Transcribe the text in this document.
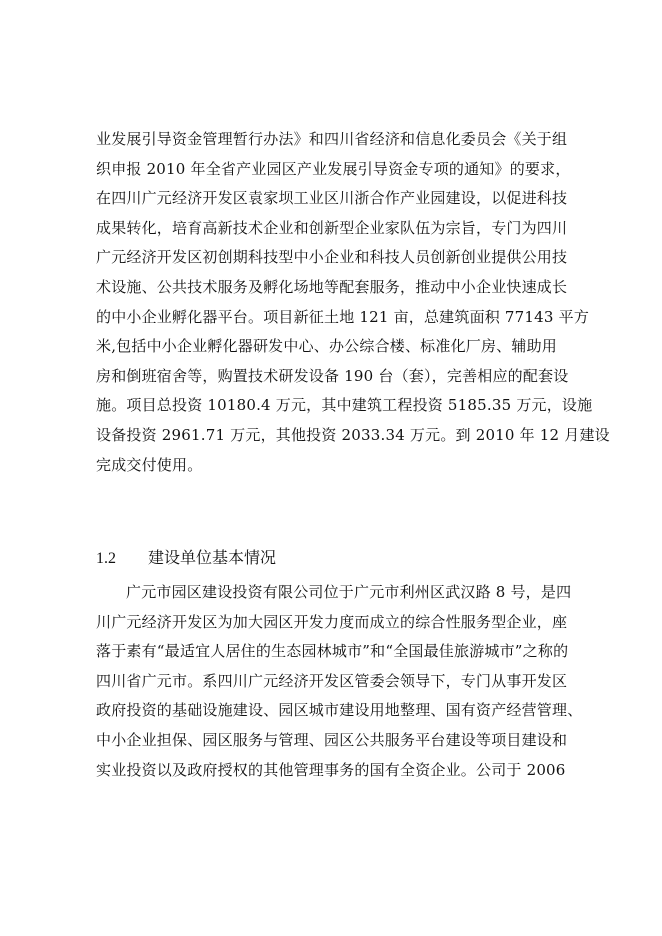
业发展引导资金管理暂行办法》和四川省经济和信息化委员会《关于组
织申报 2010 年全省产业园区产业发展引导资金专项的通知》的要求，
在四川广元经济开发区袁家坝工业区川浙合作产业园建设，以促进科技
成果转化，培育高新技术企业和创新型企业家队伍为宗旨，专门为四川
广元经济开发区初创期科技型中小企业和科技人员创新创业提供公用技
术设施、公共技术服务及孵化场地等配套服务，推动中小企业快速成长
的中小企业孵化器平台。项目新征土地 121 亩，总建筑面积 77143 平方
米,包括中小企业孵化器研发中心、办公综合楼、标准化厂房、辅助用
房和倒班宿舍等，购置技术研发设备 190 台（套），完善相应的配套设
施。项目总投资 10180.4 万元，其中建筑工程投资 5185.35 万元，设施
设备投资 2961.71 万元，其他投资 2033.34 万元。到 2010 年 12 月建设
完成交付使用。
1.2 建设单位基本情况
广元市园区建设投资有限公司位于广元市利州区武汉路 8 号，是四
川广元经济开发区为加大园区开发力度而成立的综合性服务型企业，座
落于素有“最适宜人居住的生态园林城市”和“全国最佳旅游城市”之称的
四川省广元市。系四川广元经济开发区管委会领导下，专门从事开发区
政府投资的基础设施建设、园区城市建设用地整理、国有资产经营管理、
中小企业担保、园区服务与管理、园区公共服务平台建设等项目建设和
实业投资以及政府授权的其他管理事务的国有全资企业。公司于 2006
